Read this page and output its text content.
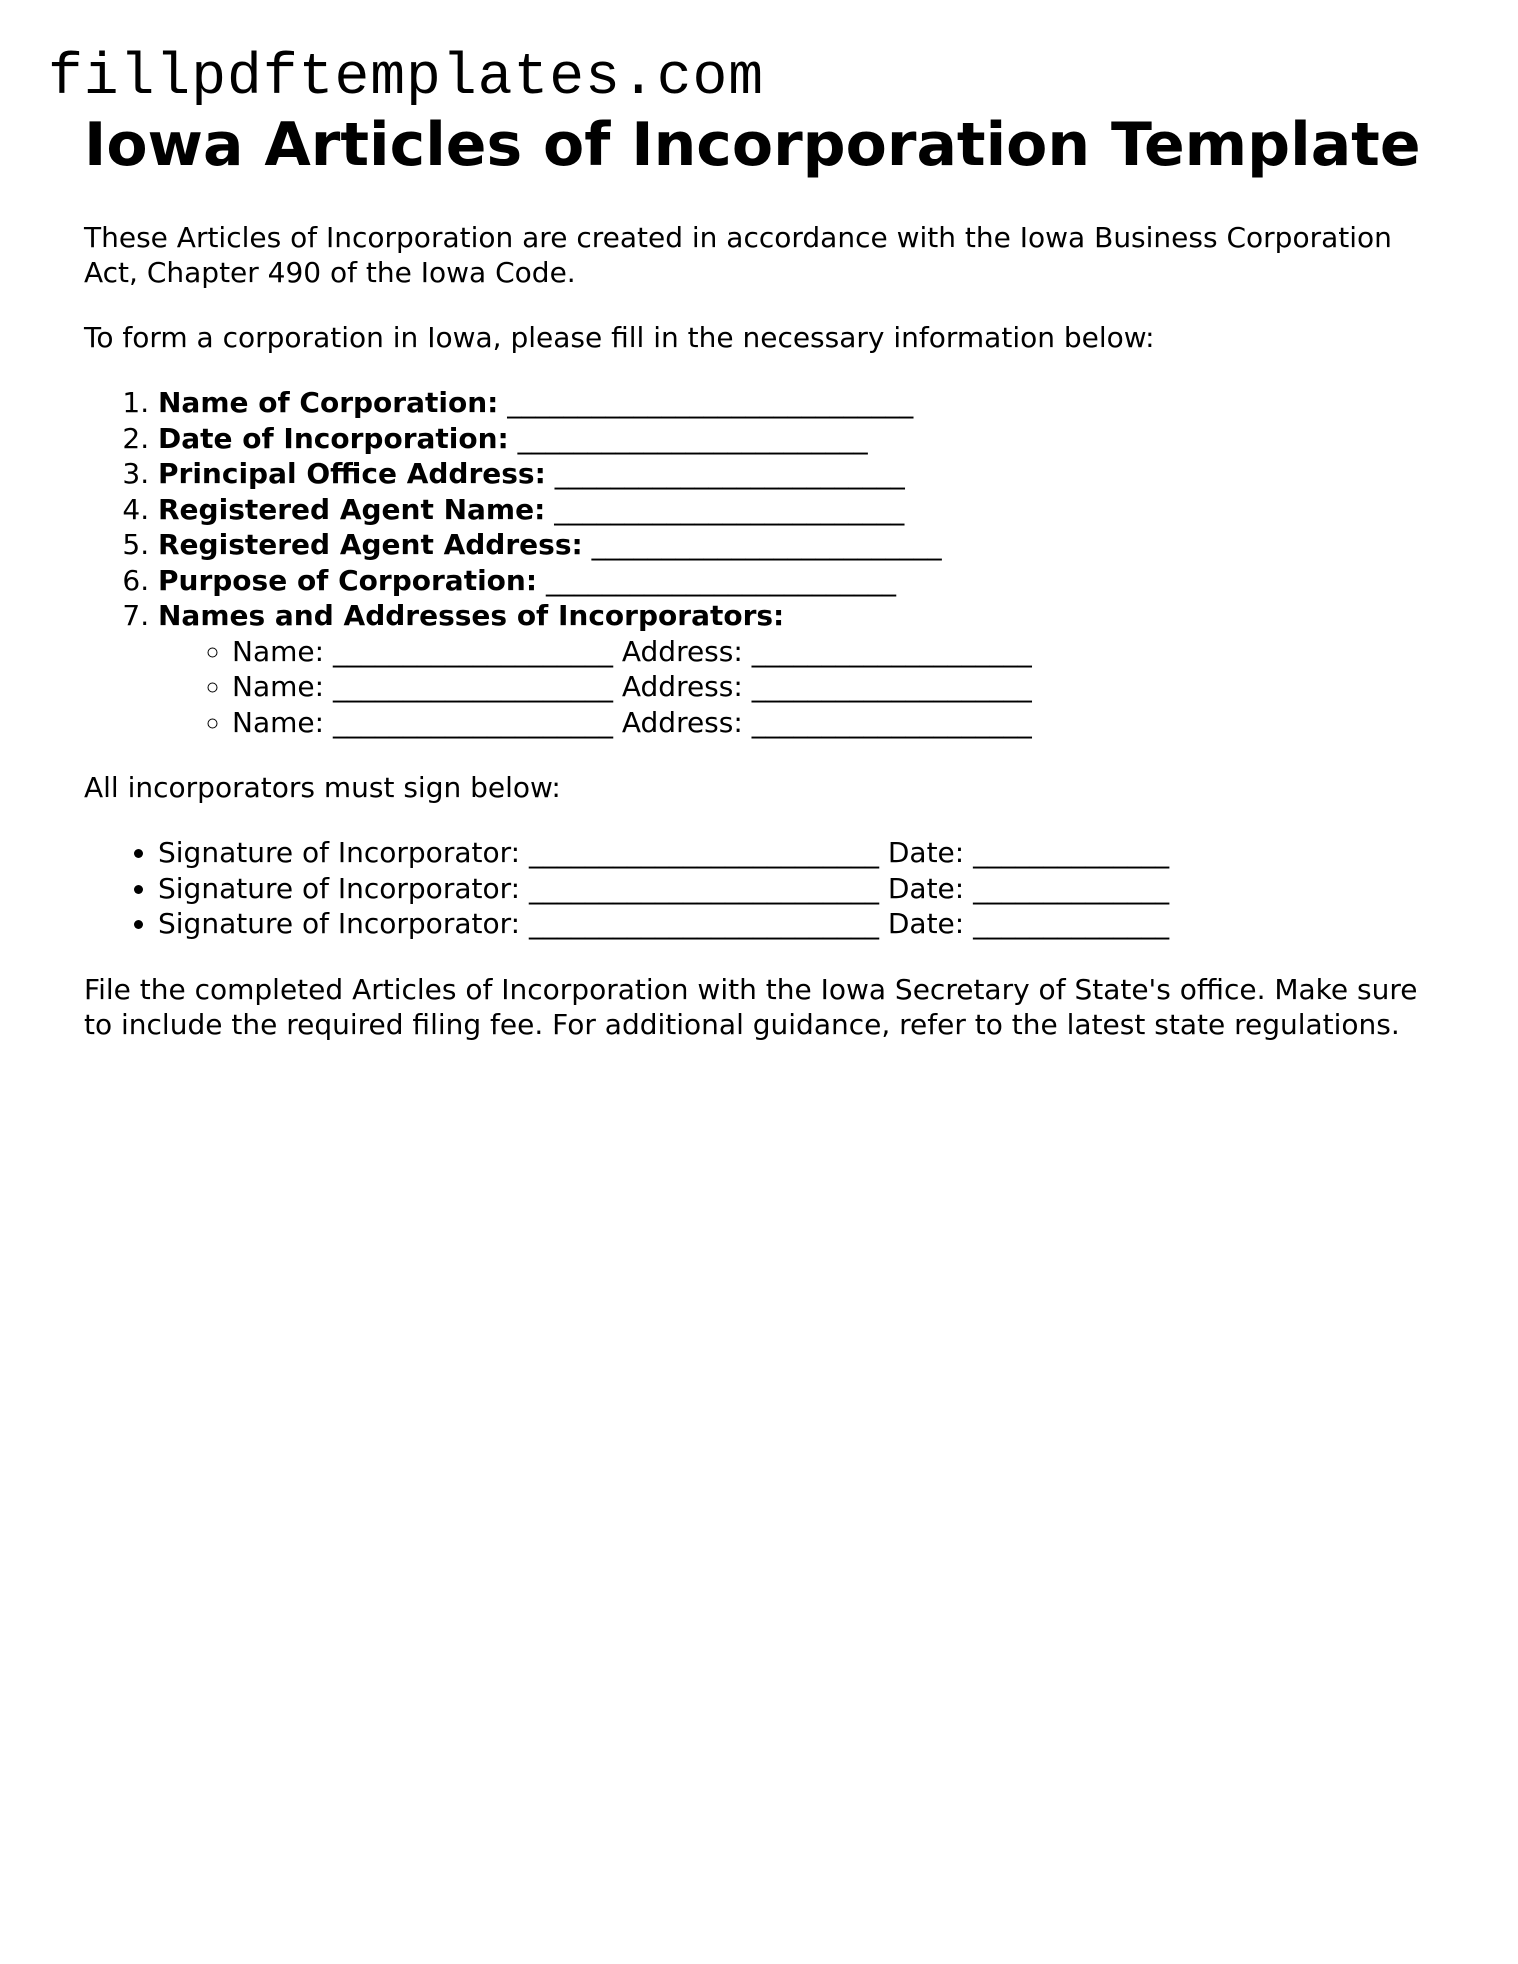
fillpdftemplates.com
Iowa Articles of Incorporation Template

These Articles of Incorporation are created in accordance with the Iowa Business Corporation Act, Chapter 490 of the Iowa Code.

To form a corporation in Iowa, please fill in the necessary information below:

1. Name of Corporation: _____________________________
2. Date of Incorporation: _________________________
3. Principal Office Address: _________________________
4. Registered Agent Name: _________________________
5. Registered Agent Address: _________________________
6. Purpose of Corporation: _________________________
7. Names and Addresses of Incorporators:
◦ Name: ____________________ Address: ____________________
◦ Name: ____________________ Address: ____________________
◦ Name: ____________________ Address: ____________________

All incorporators must sign below:

• Signature of Incorporator: _________________________ Date: ______________
• Signature of Incorporator: _________________________ Date: ______________
• Signature of Incorporator: _________________________ Date: ______________

File the completed Articles of Incorporation with the Iowa Secretary of State's office. Make sure to include the required filing fee. For additional guidance, refer to the latest state regulations.
